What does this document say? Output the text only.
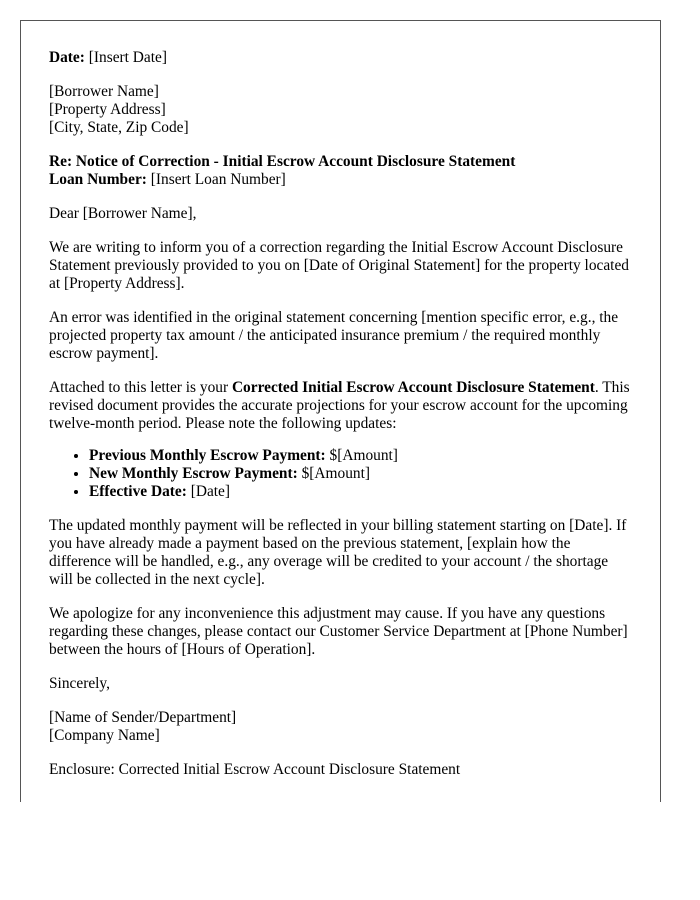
Date: [Insert Date]

[Borrower Name]
[Property Address]
[City, State, Zip Code]
Re: Notice of Correction - Initial Escrow Account Disclosure Statement
Loan Number: [Insert Loan Number]

Dear [Borrower Name],

We are writing to inform you of a correction regarding the Initial Escrow Account Disclosure Statement previously provided to you on [Date of Original Statement] for the property located at [Property Address].

An error was identified in the original statement concerning [mention specific error, e.g., the projected property tax amount / the anticipated insurance premium / the required monthly escrow payment].

Attached to this letter is your Corrected Initial Escrow Account Disclosure Statement. This revised document provides the accurate projections for your escrow account for the upcoming twelve-month period. Please note the following updates:

• Previous Monthly Escrow Payment: $[Amount]
• New Monthly Escrow Payment: $[Amount]
• Effective Date: [Date]

The updated monthly payment will be reflected in your billing statement starting on [Date]. If you have already made a payment based on the previous statement, [explain how the difference will be handled, e.g., any overage will be credited to your account / the shortage will be collected in the next cycle].

We apologize for any inconvenience this adjustment may cause. If you have any questions regarding these changes, please contact our Customer Service Department at [Phone Number] between the hours of [Hours of Operation].

Sincerely,

[Name of Sender/Department]
[Company Name]

Enclosure: Corrected Initial Escrow Account Disclosure Statement
